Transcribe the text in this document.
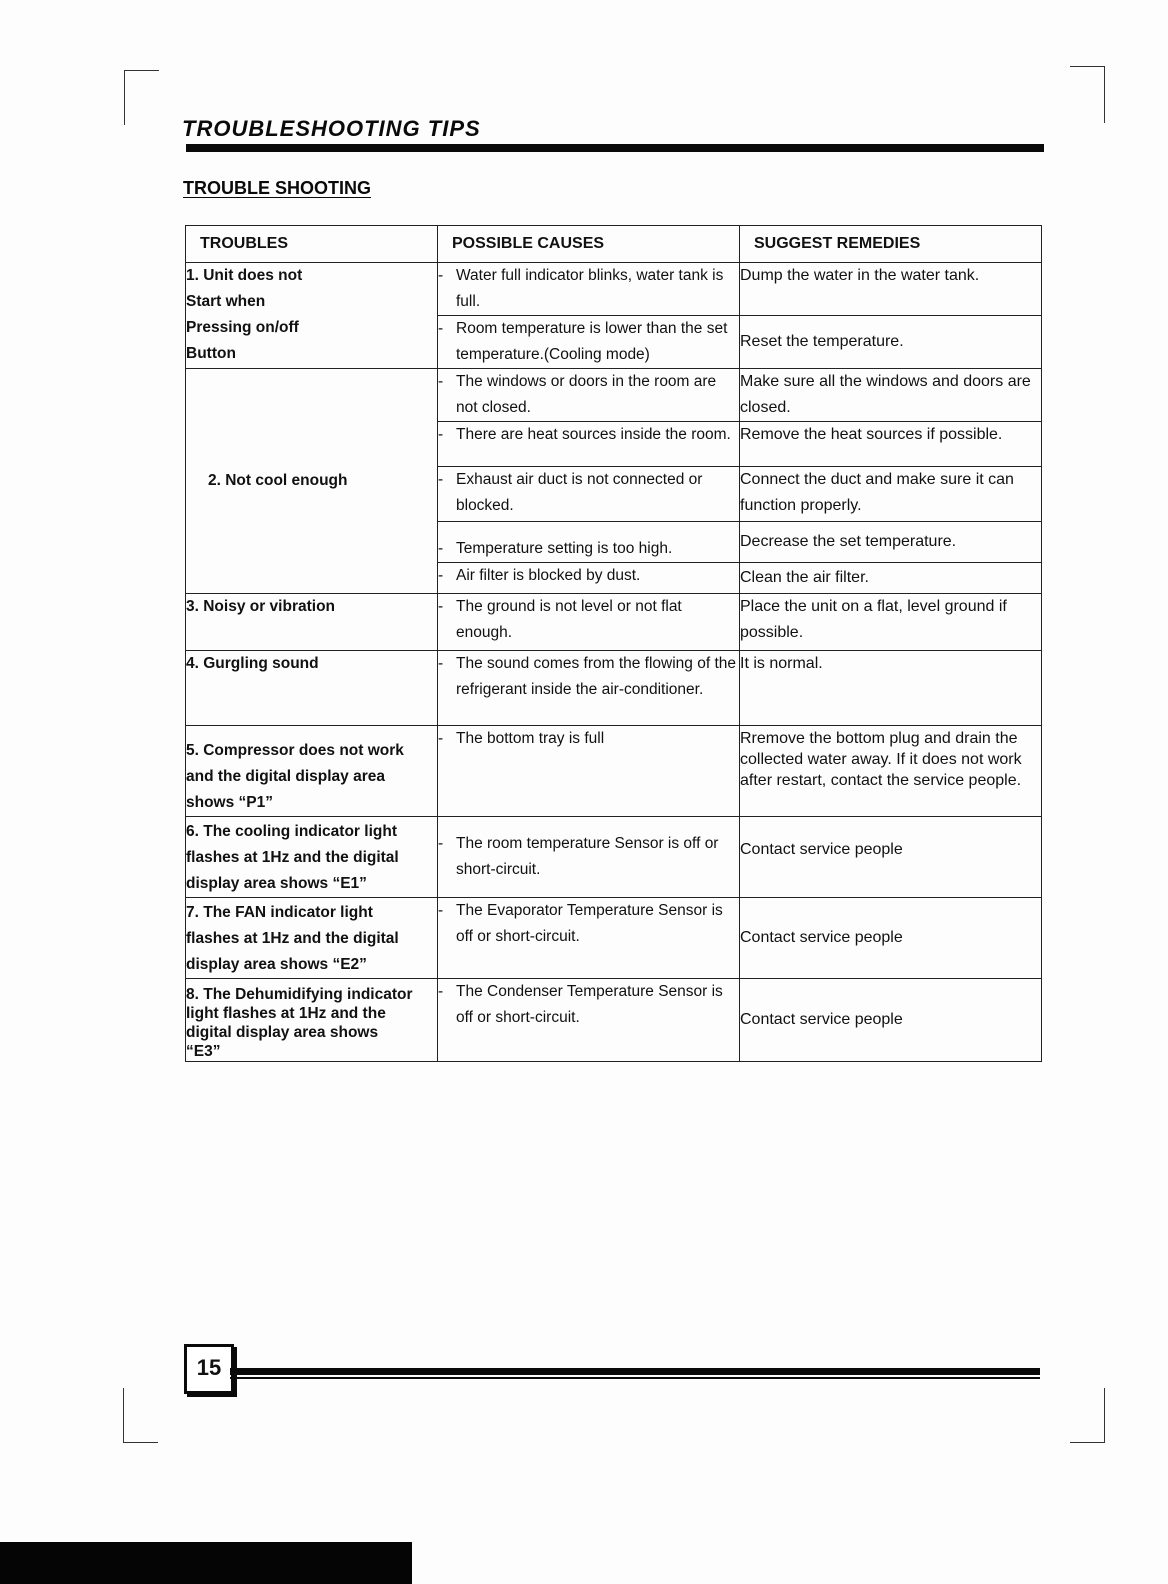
TROUBLESHOOTING TIPS
TROUBLE SHOOTING
TROUBLES	POSSIBLE CAUSES	SUGGEST REMEDIES

1. Unit does not
Start when
Pressing on/off
Button	- Water full indicator blinks, water tank is full.	Dump the water in the water tank.

	- Room temperature is lower than the set temperature.(Cooling mode)	Reset the temperature.

2. Not cool enough	- The windows or doors in the room are not closed.	Make sure all the windows and doors are closed.

	- There are heat sources inside the room.	Remove the heat sources if possible.

	- Exhaust air duct is not connected or blocked.	Connect the duct and make sure it can function properly.

	- Temperature setting is too high.	Decrease the set temperature.

	- Air filter is blocked by dust.	Clean the air filter.

3. Noisy or vibration	- The ground is not level or not flat enough.	Place the unit on a flat, level ground if possible.

4. Gurgling sound	- The sound comes from the flowing of the refrigerant inside the air-conditioner.	It is normal.

5. Compressor does not work
and the digital display area
shows “P1”	- The bottom tray is full	Rremove the bottom plug and drain the collected water away. If it does not work after restart, contact the service people.

6. The cooling indicator light
flashes at 1Hz and the digital
display area shows “E1”	- The room temperature Sensor is off or short-circuit.	Contact service people

7. The FAN indicator light
flashes at 1Hz and the digital
display area shows “E2”	- The Evaporator Temperature Sensor is off or short-circuit.	Contact service people

8. The Dehumidifying indicator
light flashes at 1Hz and the
digital display area shows
“E3”	- The Condenser Temperature Sensor is off or short-circuit.	Contact service people
15
